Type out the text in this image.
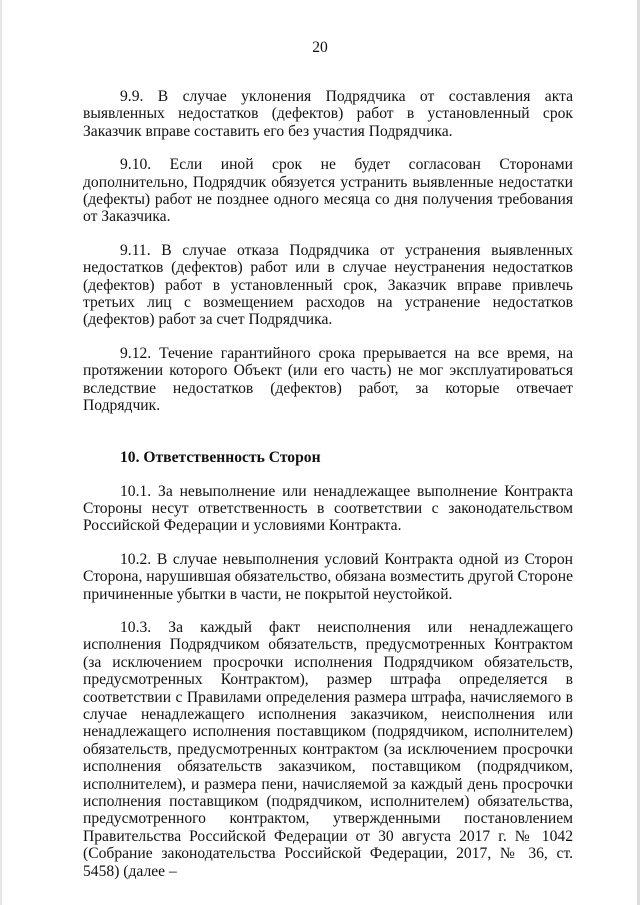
20

9.9. В случае уклонения Подрядчика от составления акта выявленных недостатков (дефектов) работ в установленный срок Заказчик вправе составить его без участия Подрядчика.

9.10. Если иной срок не будет согласован Сторонами дополнительно, Подрядчик обязуется устранить выявленные недостатки (дефекты) работ не позднее одного месяца со дня получения требования от Заказчика.

9.11. В случае отказа Подрядчика от устранения выявленных недостатков (дефектов) работ или в случае неустранения недостатков (дефектов) работ в установленный срок, Заказчик вправе привлечь третьих лиц с возмещением расходов на устранение недостатков (дефектов) работ за счет Подрядчика.

9.12. Течение гарантийного срока прерывается на все время, на протяжении которого Объект (или его часть) не мог эксплуатироваться вследствие недостатков (дефектов) работ, за которые отвечает Подрядчик.

10. Ответственность Сторон

10.1. За невыполнение или ненадлежащее выполнение Контракта Стороны несут ответственность в соответствии с законодательством Российской Федерации и условиями Контракта.

10.2. В случае невыполнения условий Контракта одной из Сторон Сторона, нарушившая обязательство, обязана возместить другой Стороне причиненные убытки в части, не покрытой неустойкой.

10.3. За каждый факт неисполнения или ненадлежащего исполнения Подрядчиком обязательств, предусмотренных Контрактом (за исключением просрочки исполнения Подрядчиком обязательств, предусмотренных Контрактом), размер штрафа определяется в соответствии с Правилами определения размера штрафа, начисляемого в случае ненадлежащего исполнения заказчиком, неисполнения или ненадлежащего исполнения поставщиком (подрядчиком, исполнителем) обязательств, предусмотренных контрактом (за исключением просрочки исполнения обязательств заказчиком, поставщиком (подрядчиком, исполнителем), и размера пени, начисляемой за каждый день просрочки исполнения поставщиком (подрядчиком, исполнителем) обязательства, предусмотренного контрактом, утвержденными постановлением Правительства Российской Федерации от 30 августа 2017 г. № 1042 (Собрание законодательства Российской Федерации, 2017, № 36, ст. 5458) (далее –
